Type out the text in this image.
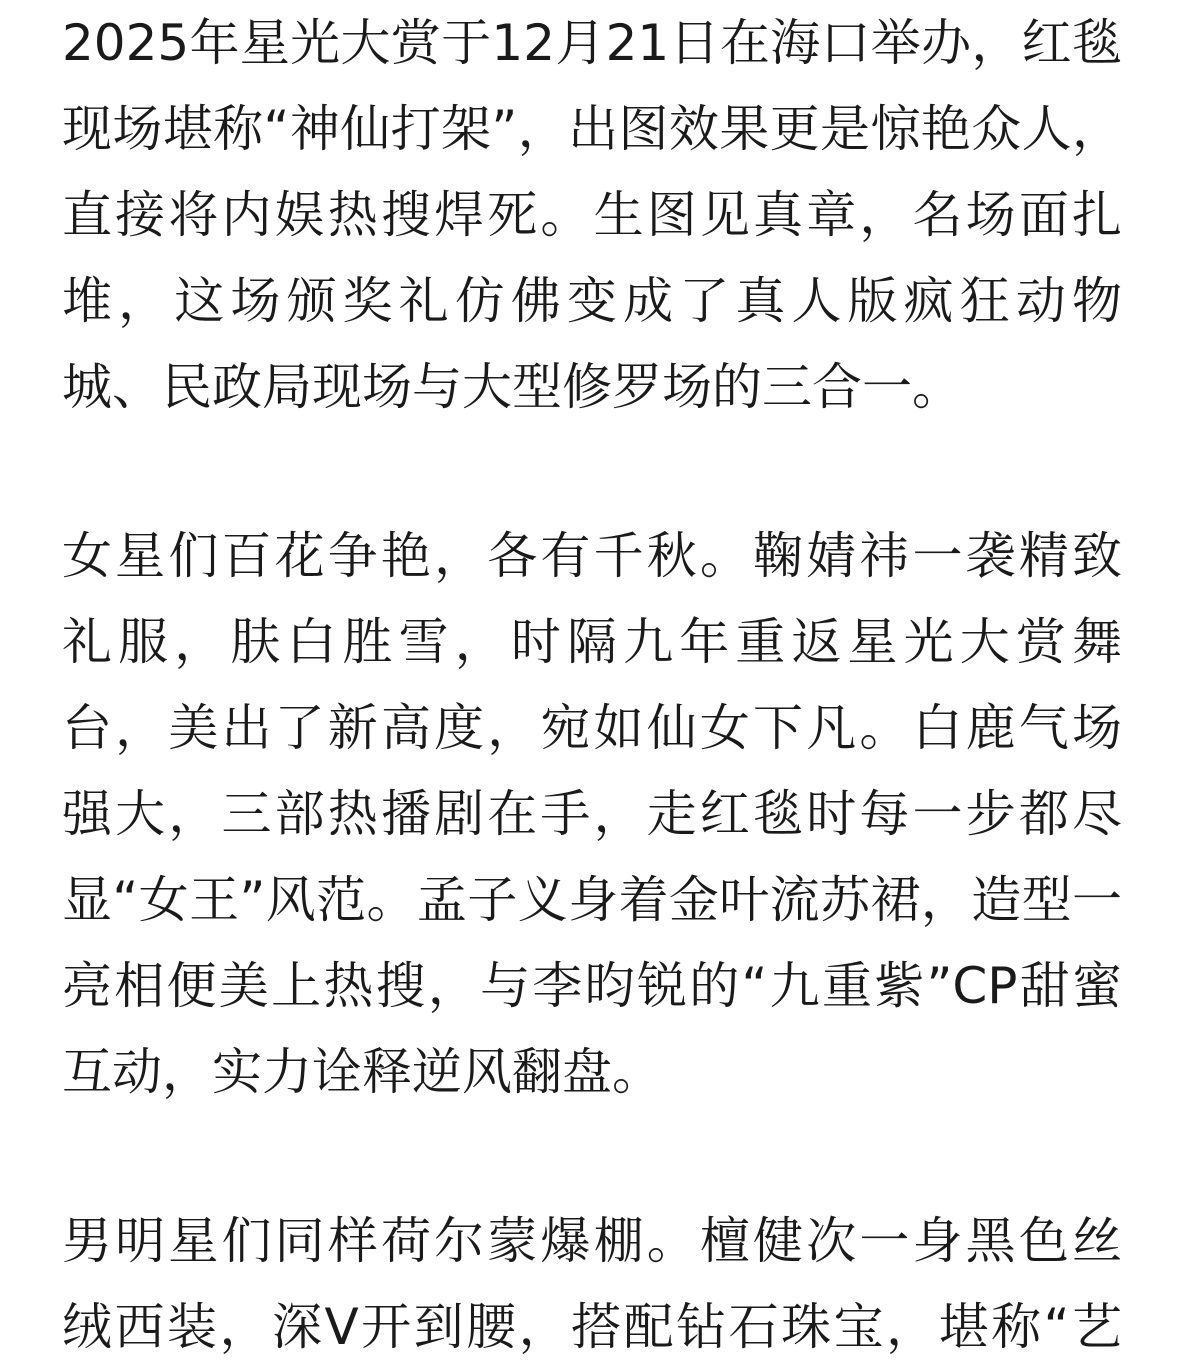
2025年星光大赏于12月21日在海口举办，红毯
现场堪称“神仙打架”，出图效果更是惊艳众人，
直接将内娱热搜焊死。生图见真章，名场面扎
堆，这场颁奖礼仿佛变成了真人版疯狂动物
城、民政局现场与大型修罗场的三合一。

女星们百花争艳，各有千秋。鞠婧祎一袭精致
礼服，肤白胜雪，时隔九年重返星光大赏舞
台，美出了新高度，宛如仙女下凡。白鹿气场
强大，三部热播剧在手，走红毯时每一步都尽
显“女王”风范。孟子义身着金叶流苏裙，造型一
亮相便美上热搜，与李昀锐的“九重紫”CP甜蜜
互动，实力诠释逆风翻盘。

男明星们同样荷尔蒙爆棚。檀健次一身黑色丝
绒西装，深V开到腰，搭配钻石珠宝，堪称“艺
